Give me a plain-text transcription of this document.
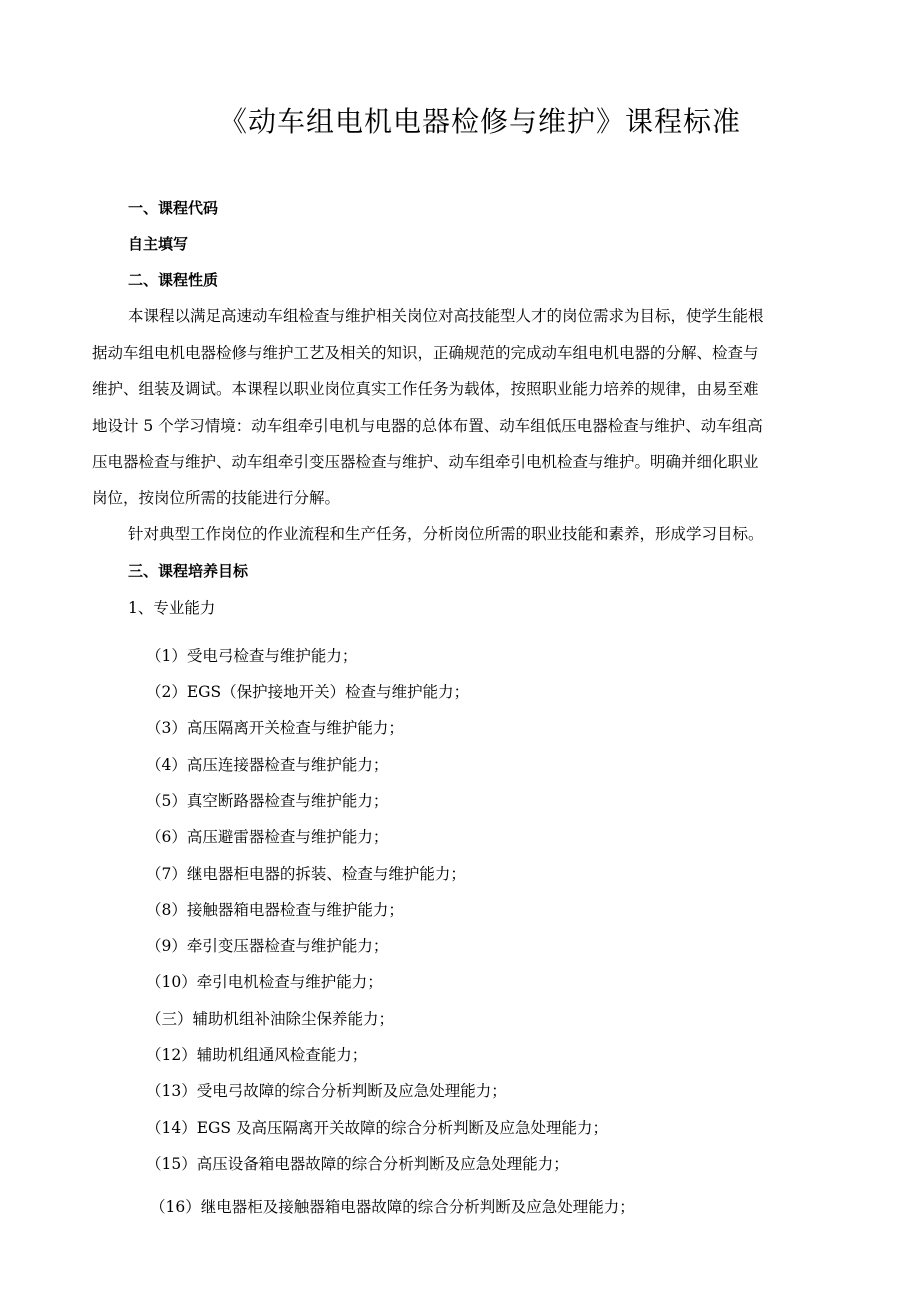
《动车组电机电器检修与维护》课程标准
一、课程代码
自主填写
二、课程性质
本课程以满足高速动车组检查与维护相关岗位对高技能型人才的岗位需求为目标，使学生能根
据动车组电机电器检修与维护工艺及相关的知识，正确规范的完成动车组电机电器的分解、检查与
维护、组装及调试。本课程以职业岗位真实工作任务为载体，按照职业能力培养的规律，由易至难
地设计 5 个学习情境：动车组牵引电机与电器的总体布置、动车组低压电器检查与维护、动车组高
压电器检查与维护、动车组牵引变压器检查与维护、动车组牵引电机检查与维护。明确并细化职业
岗位，按岗位所需的技能进行分解。
针对典型工作岗位的作业流程和生产任务，分析岗位所需的职业技能和素养，形成学习目标。
三、课程培养目标
1、专业能力
（1）受电弓检查与维护能力；
（2）EGS（保护接地开关）检查与维护能力；
（3）高压隔离开关检查与维护能力；
（4）高压连接器检查与维护能力；
（5）真空断路器检查与维护能力；
（6）高压避雷器检查与维护能力；
（7）继电器柜电器的拆装、检查与维护能力；
（8）接触器箱电器检查与维护能力；
（9）牵引变压器检查与维护能力；
（10）牵引电机检查与维护能力；
（三）辅助机组补油除尘保养能力；
（12）辅助机组通风检查能力；
（13）受电弓故障的综合分析判断及应急处理能力；
（14）EGS 及高压隔离开关故障的综合分析判断及应急处理能力；
（15）高压设备箱电器故障的综合分析判断及应急处理能力；
（16）继电器柜及接触器箱电器故障的综合分析判断及应急处理能力；
